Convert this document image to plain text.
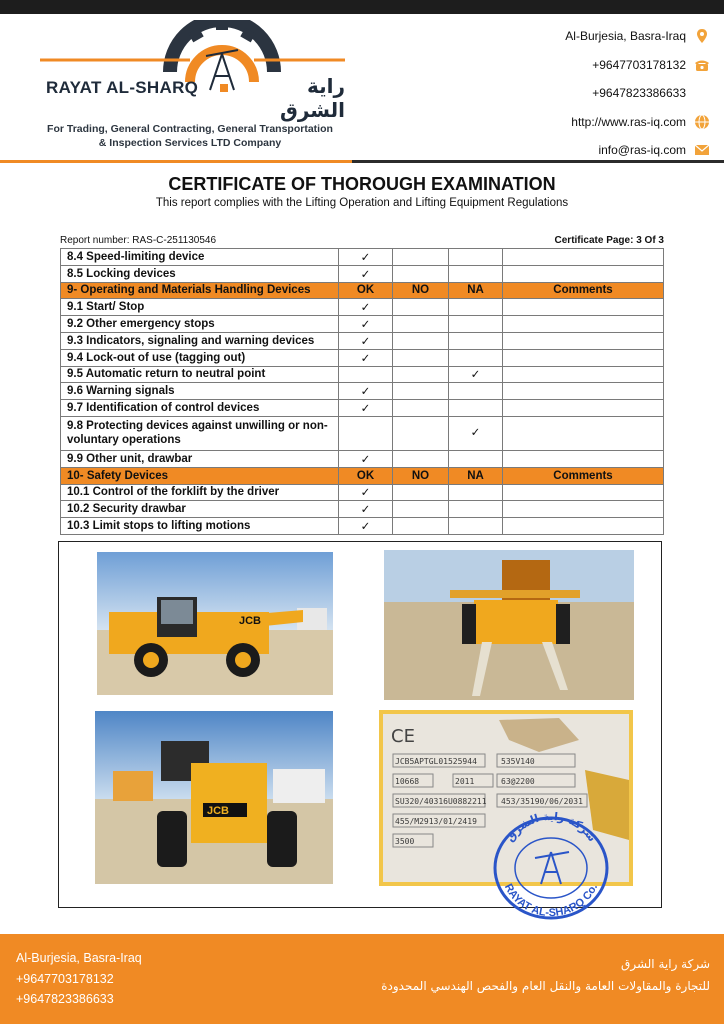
RAYAT AL-SHARQ	راية الشرق
For Trading, General Contracting, General Transportation
& Inspection Services LTD Company
Al-Burjesia, Basra-Iraq
+9647703178132
+9647823386633
http://www.ras-iq.com
info@ras-iq.com
CERTIFICATE OF THOROUGH EXAMINATION
This report complies with the Lifting Operation and Lifting Equipment Regulations
Report number: RAS-C-251130546	Certificate Page: 3 Of 3
8.4 Speed-limiting device	✓			
8.5 Locking devices	✓			
9- Operating and Materials Handling Devices	OK	NO	NA	Comments
9.1 Start/ Stop	✓			
9.2 Other emergency stops	✓			
9.3 Indicators, signaling and warning devices	✓			
9.4 Lock-out of use (tagging out)	✓			
9.5 Automatic return to neutral point			✓	
9.6 Warning signals	✓			
9.7 Identification of control devices	✓			
9.8 Protecting devices against unwilling or non-voluntary operations			✓	
9.9 Other unit, drawbar	✓			
10- Safety Devices	OK	NO	NA	Comments
10.1 Control of the forklift by the driver	✓			
10.2 Security drawbar	✓			
10.3 Limit stops to lifting motions	✓			
JCB
JCB
CE
JCB5APTGL01525944	535V140
10668	2011	63@2200
SU320/40316U0882211 453/35190/06/2031
455/M2913/01/2419
3500	شركة راية الشرق
RAYAT AL-SHARQ Co.
Al-Burjesia, Basra-Iraq
+9647703178132
+9647823386633
شركة راية الشرق
للتجارة والمقاولات العامة والنقل العام والفحص الهندسي المحدودة
